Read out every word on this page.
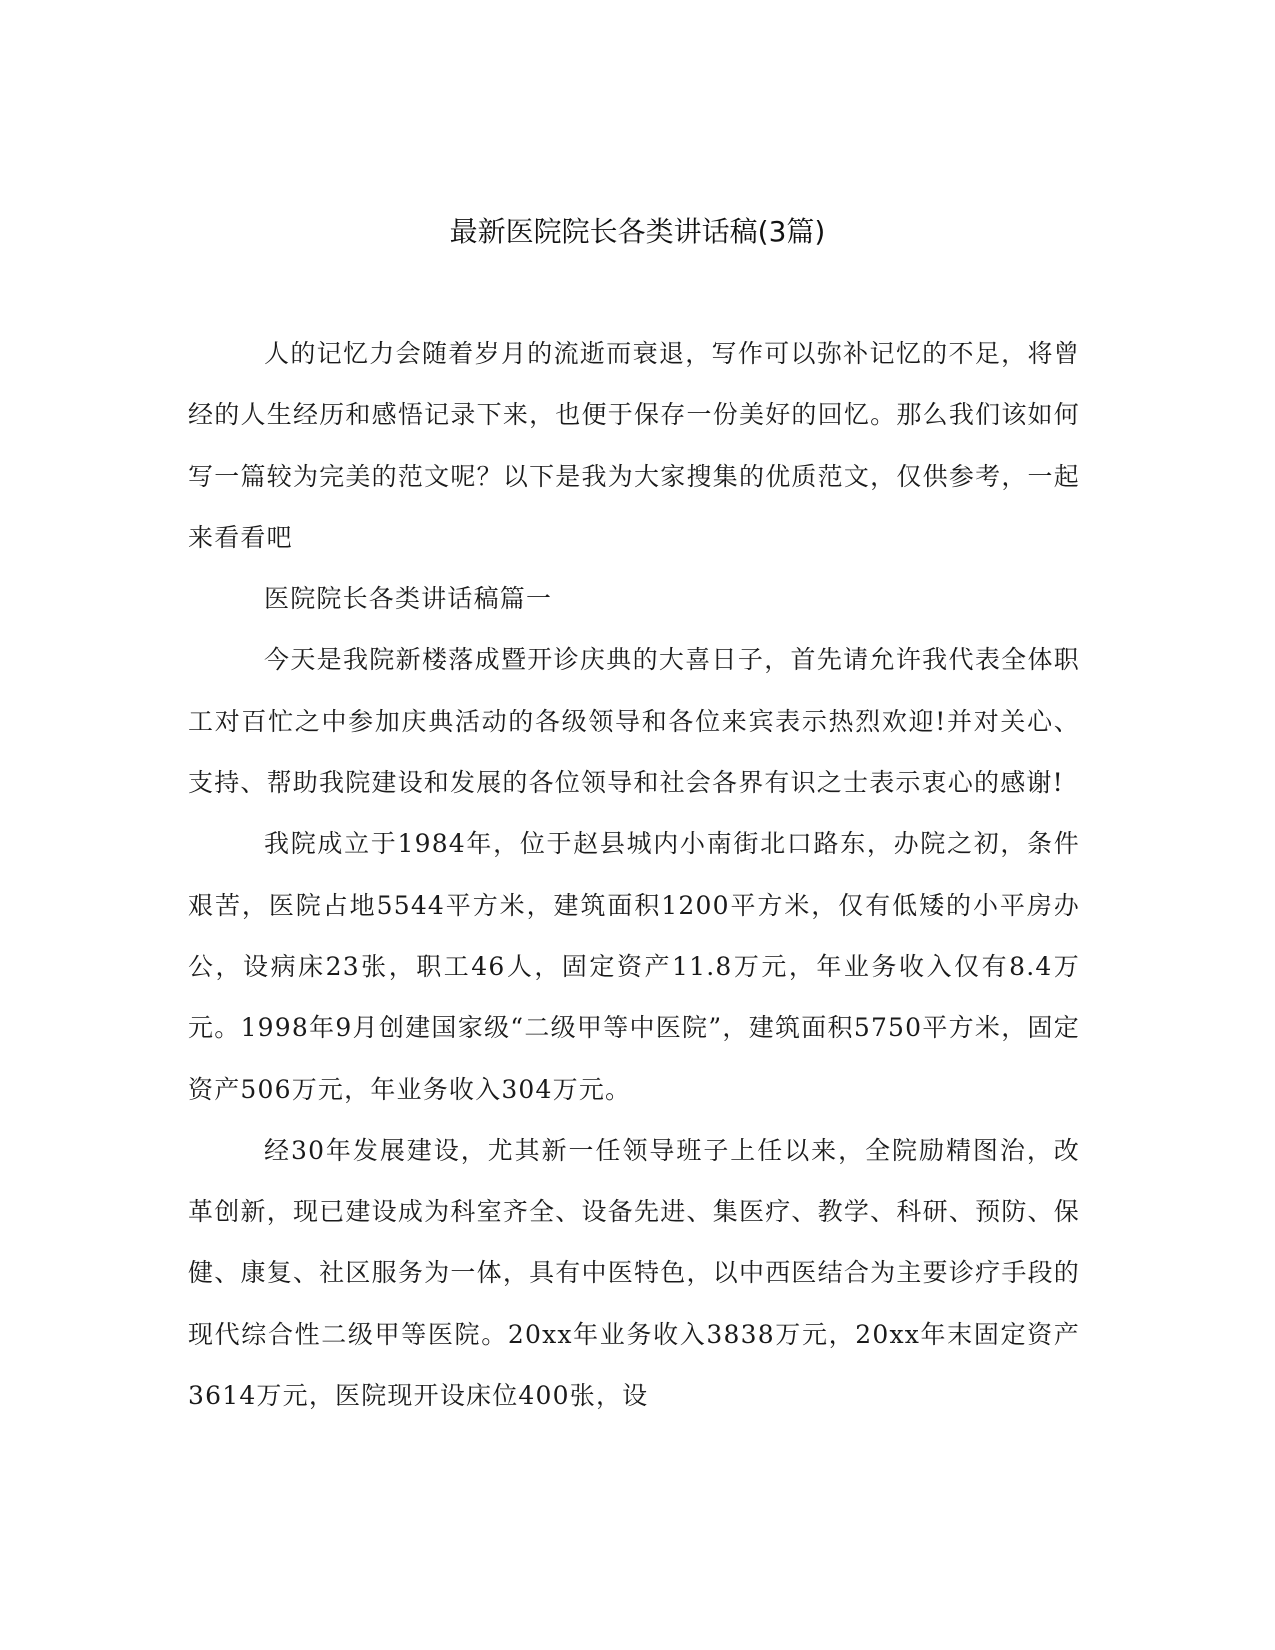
最新医院院长各类讲话稿(3篇)

人的记忆力会随着岁月的流逝而衰退，写作可以弥补记忆的不足，将曾经的人生经历和感悟记录下来，也便于保存一份美好的回忆。那么我们该如何写一篇较为完美的范文呢？以下是我为大家搜集的优质范文，仅供参考，一起来看看吧

医院院长各类讲话稿篇一

今天是我院新楼落成暨开诊庆典的大喜日子，首先请允许我代表全体职工对百忙之中参加庆典活动的各级领导和各位来宾表示热烈欢迎!并对关心、支持、帮助我院建设和发展的各位领导和社会各界有识之士表示衷心的感谢!

我院成立于1984年，位于赵县城内小南街北口路东，办院之初，条件艰苦，医院占地5544平方米，建筑面积1200平方米，仅有低矮的小平房办公，设病床23张，职工46人，固定资产11.8万元，年业务收入仅有8.4万元。1998年9月创建国家级“二级甲等中医院”，建筑面积5750平方米，固定资产506万元，年业务收入304万元。

经30年发展建设，尤其新一任领导班子上任以来，全院励精图治，改革创新，现已建设成为科室齐全、设备先进、集医疗、教学、科研、预防、保健、康复、社区服务为一体，具有中医特色，以中西医结合为主要诊疗手段的现代综合性二级甲等医院。20xx年业务收入3838万元，20xx年末固定资产3614万元，医院现开设床位400张，设
